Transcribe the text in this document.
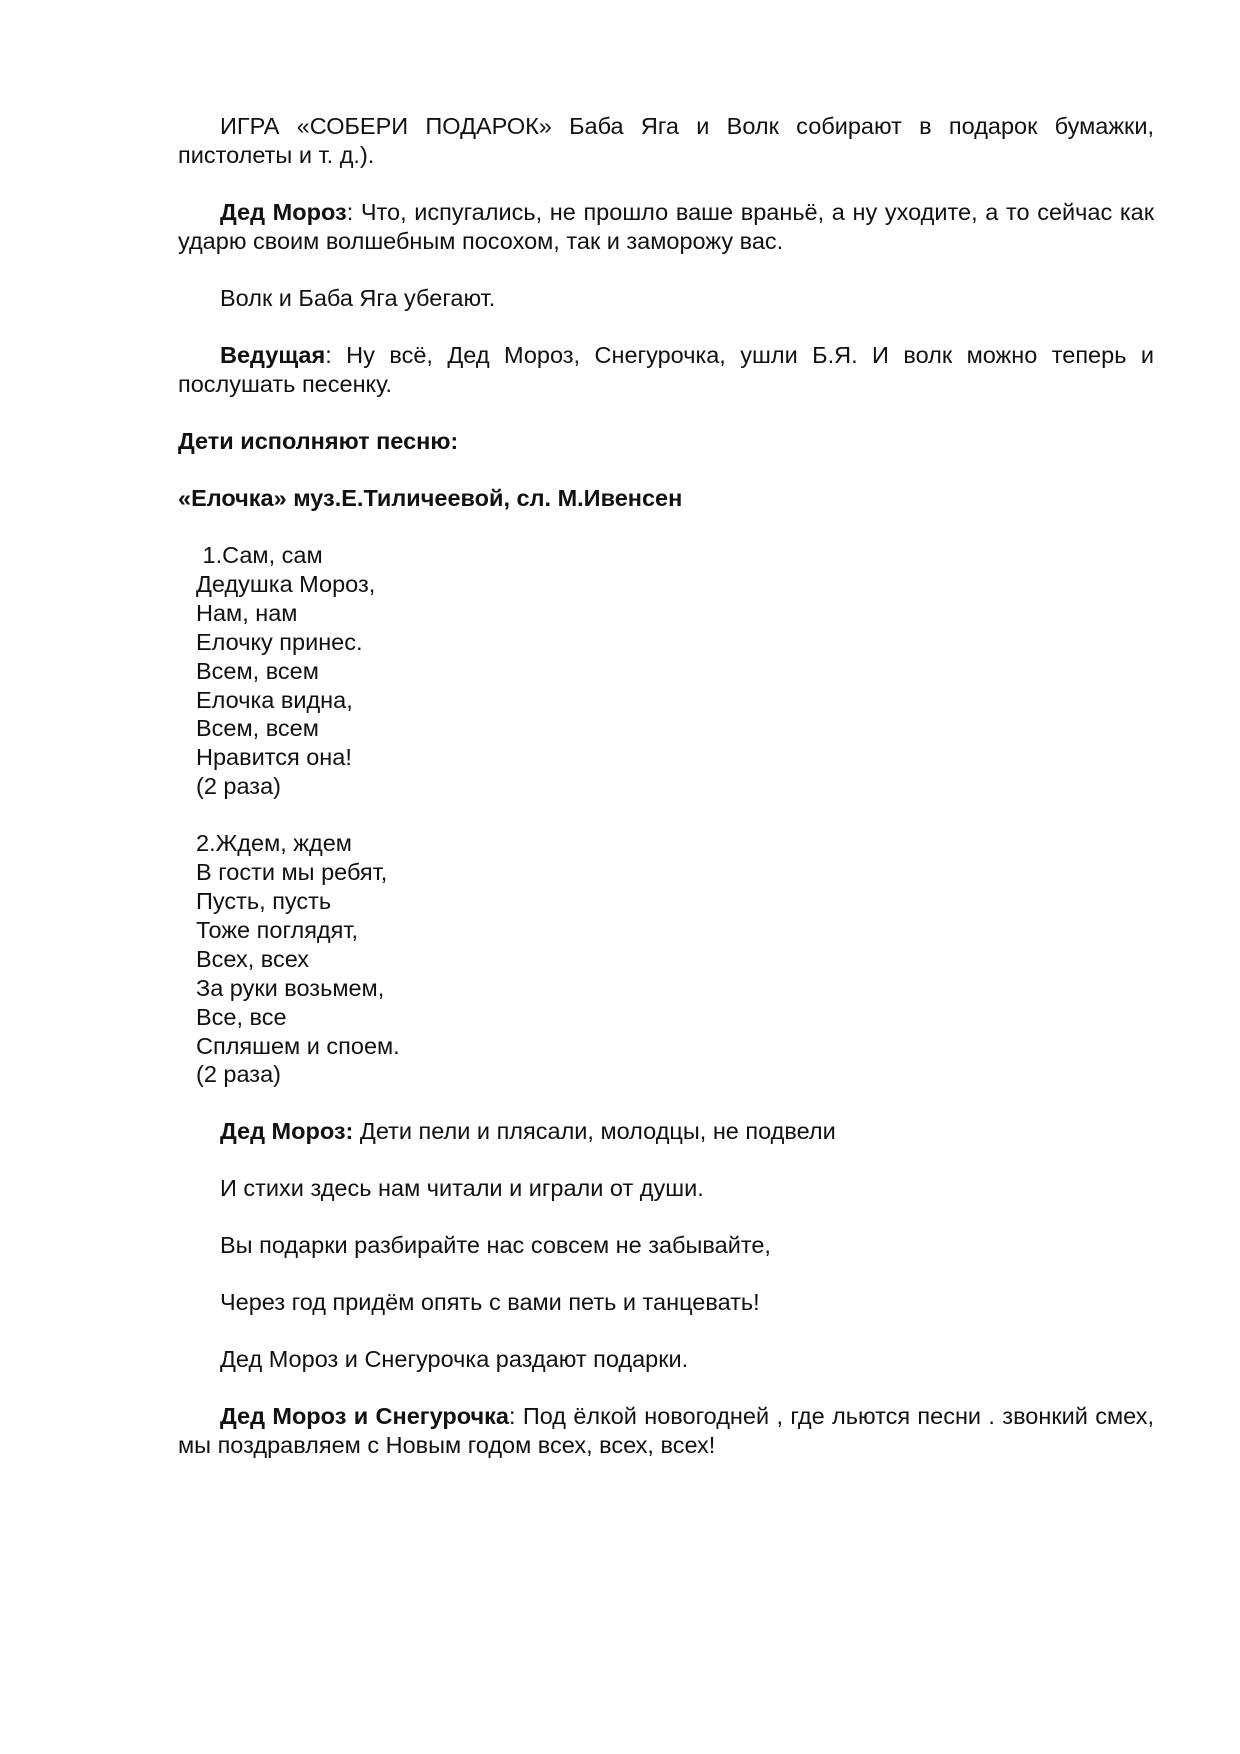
ИГРА «СОБЕРИ ПОДАРОК» Баба Яга и Волк собирают в подарок бумажки, пистолеты и т. д.).

Дед Мороз: Что, испугались, не прошло ваше враньё, а ну уходите, а то сейчас как ударю своим волшебным посохом, так и заморожу вас.

Волк и Баба Яга убегают.

Ведущая: Ну всё, Дед Мороз, Снегурочка, ушли Б.Я. И волк можно теперь и послушать песенку.

Дети исполняют песню:

«Елочка» муз.Е.Тиличеевой, сл. М.Ивенсен

1.Сам, сам
Дедушка Мороз,
Нам, нам
Елочку принес.
Всем, всем
Елочка видна,
Всем, всем
Нравится она!
(2 раза)
2.Ждем, ждем
В гости мы ребят,
Пусть, пусть
Тоже поглядят,
Всех, всех
За руки возьмем,
Все, все
Спляшем и споем.
(2 раза)

Дед Мороз: Дети пели и плясали, молодцы, не подвели

И стихи здесь нам читали и играли от души.

Вы подарки разбирайте нас совсем не забывайте,

Через год придём опять с вами петь и танцевать!

Дед Мороз и Снегурочка раздают подарки.

Дед Мороз и Снегурочка: Под ёлкой новогодней , где льются песни . звонкий смех, мы поздравляем с Новым годом всех, всех, всех!
